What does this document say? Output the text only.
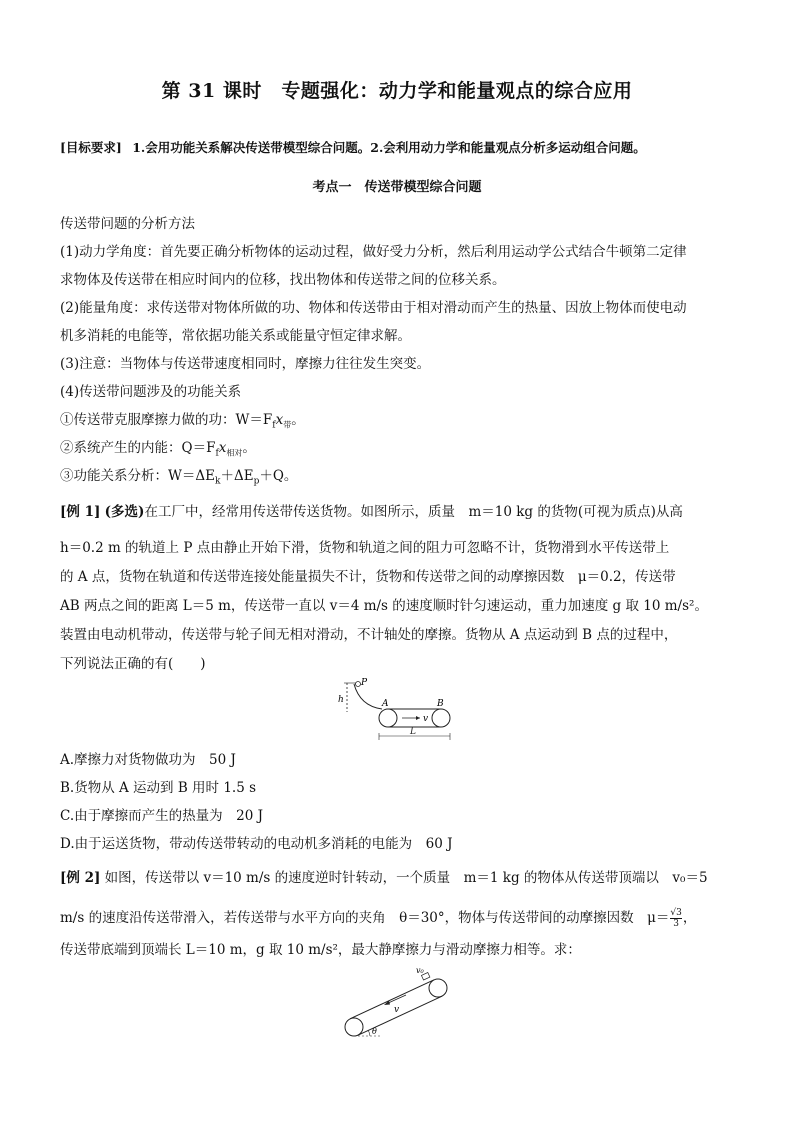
第 31 课时　专题强化：动力学和能量观点的综合应用
[目标要求] 1.会用功能关系解决传送带模型综合问题。2.会利用动力学和能量观点分析多运动组合问题。
考点一　传送带模型综合问题
传送带问题的分析方法
(1)动力学角度：首先要正确分析物体的运动过程，做好受力分析，然后利用运动学公式结合牛顿第二定律
求物体及传送带在相应时间内的位移，找出物体和传送带之间的位移关系。
(2)能量角度：求传送带对物体所做的功、物体和传送带由于相对滑动而产生的热量、因放上物体而使电动
机多消耗的电能等，常依据功能关系或能量守恒定律求解。
(3)注意：当物体与传送带速度相同时，摩擦力往往发生突变。
(4)传送带问题涉及的功能关系
①传送带克服摩擦力做的功：$W=F_fx_带$。
②系统产生的内能：$Q=F_fx_{相对}$。
③功能关系分析：$W=\Delta E_k+\Delta E_p+Q$。
[例 1] (多选)在工厂中，经常用传送带传送货物。如图所示，质量　m＝10 kg 的货物(可视为质点)从高
h＝0.2 m 的轨道上 P 点由静止开始下滑，货物和轨道之间的阻力可忽略不计，货物滑到水平传送带上
的 A 点，货物在轨道和传送带连接处能量损失不计，货物和传送带之间的动摩擦因数　μ＝0.2，传送带
AB 两点之间的距离 L＝5 m，传送带一直以 v＝4 m/s 的速度顺时针匀速运动，重力加速度 g 取 10 m/s²。
装置由电动机带动，传送带与轮子间无相对滑动，不计轴处的摩擦。货物从 A 点运动到 B 点的过程中，
下列说法正确的有(　　)
h
P
A	B
v
L
A.摩擦力对货物做功为　50 J
B.货物从 A 运动到 B 用时 1.5 s
C.由于摩擦而产生的热量为　20 J
D.由于运送货物，带动传送带转动的电动机多消耗的电能为　60 J
[例 2] 如图，传送带以 v＝10 m/s 的速度逆时针转动，一个质量　m＝1 kg 的物体从传送带顶端以　v₀＝5
m/s 的速度沿传送带滑入，若传送带与水平方向的夹角　θ＝30°，物体与传送带间的动摩擦因数　$\mu= \frac{√3}{3}$ ，
传送带底端到顶端长 L＝10 m，g 取 10 m/s²，最大静摩擦力与滑动摩擦力相等。求：
v₀
v
θ
